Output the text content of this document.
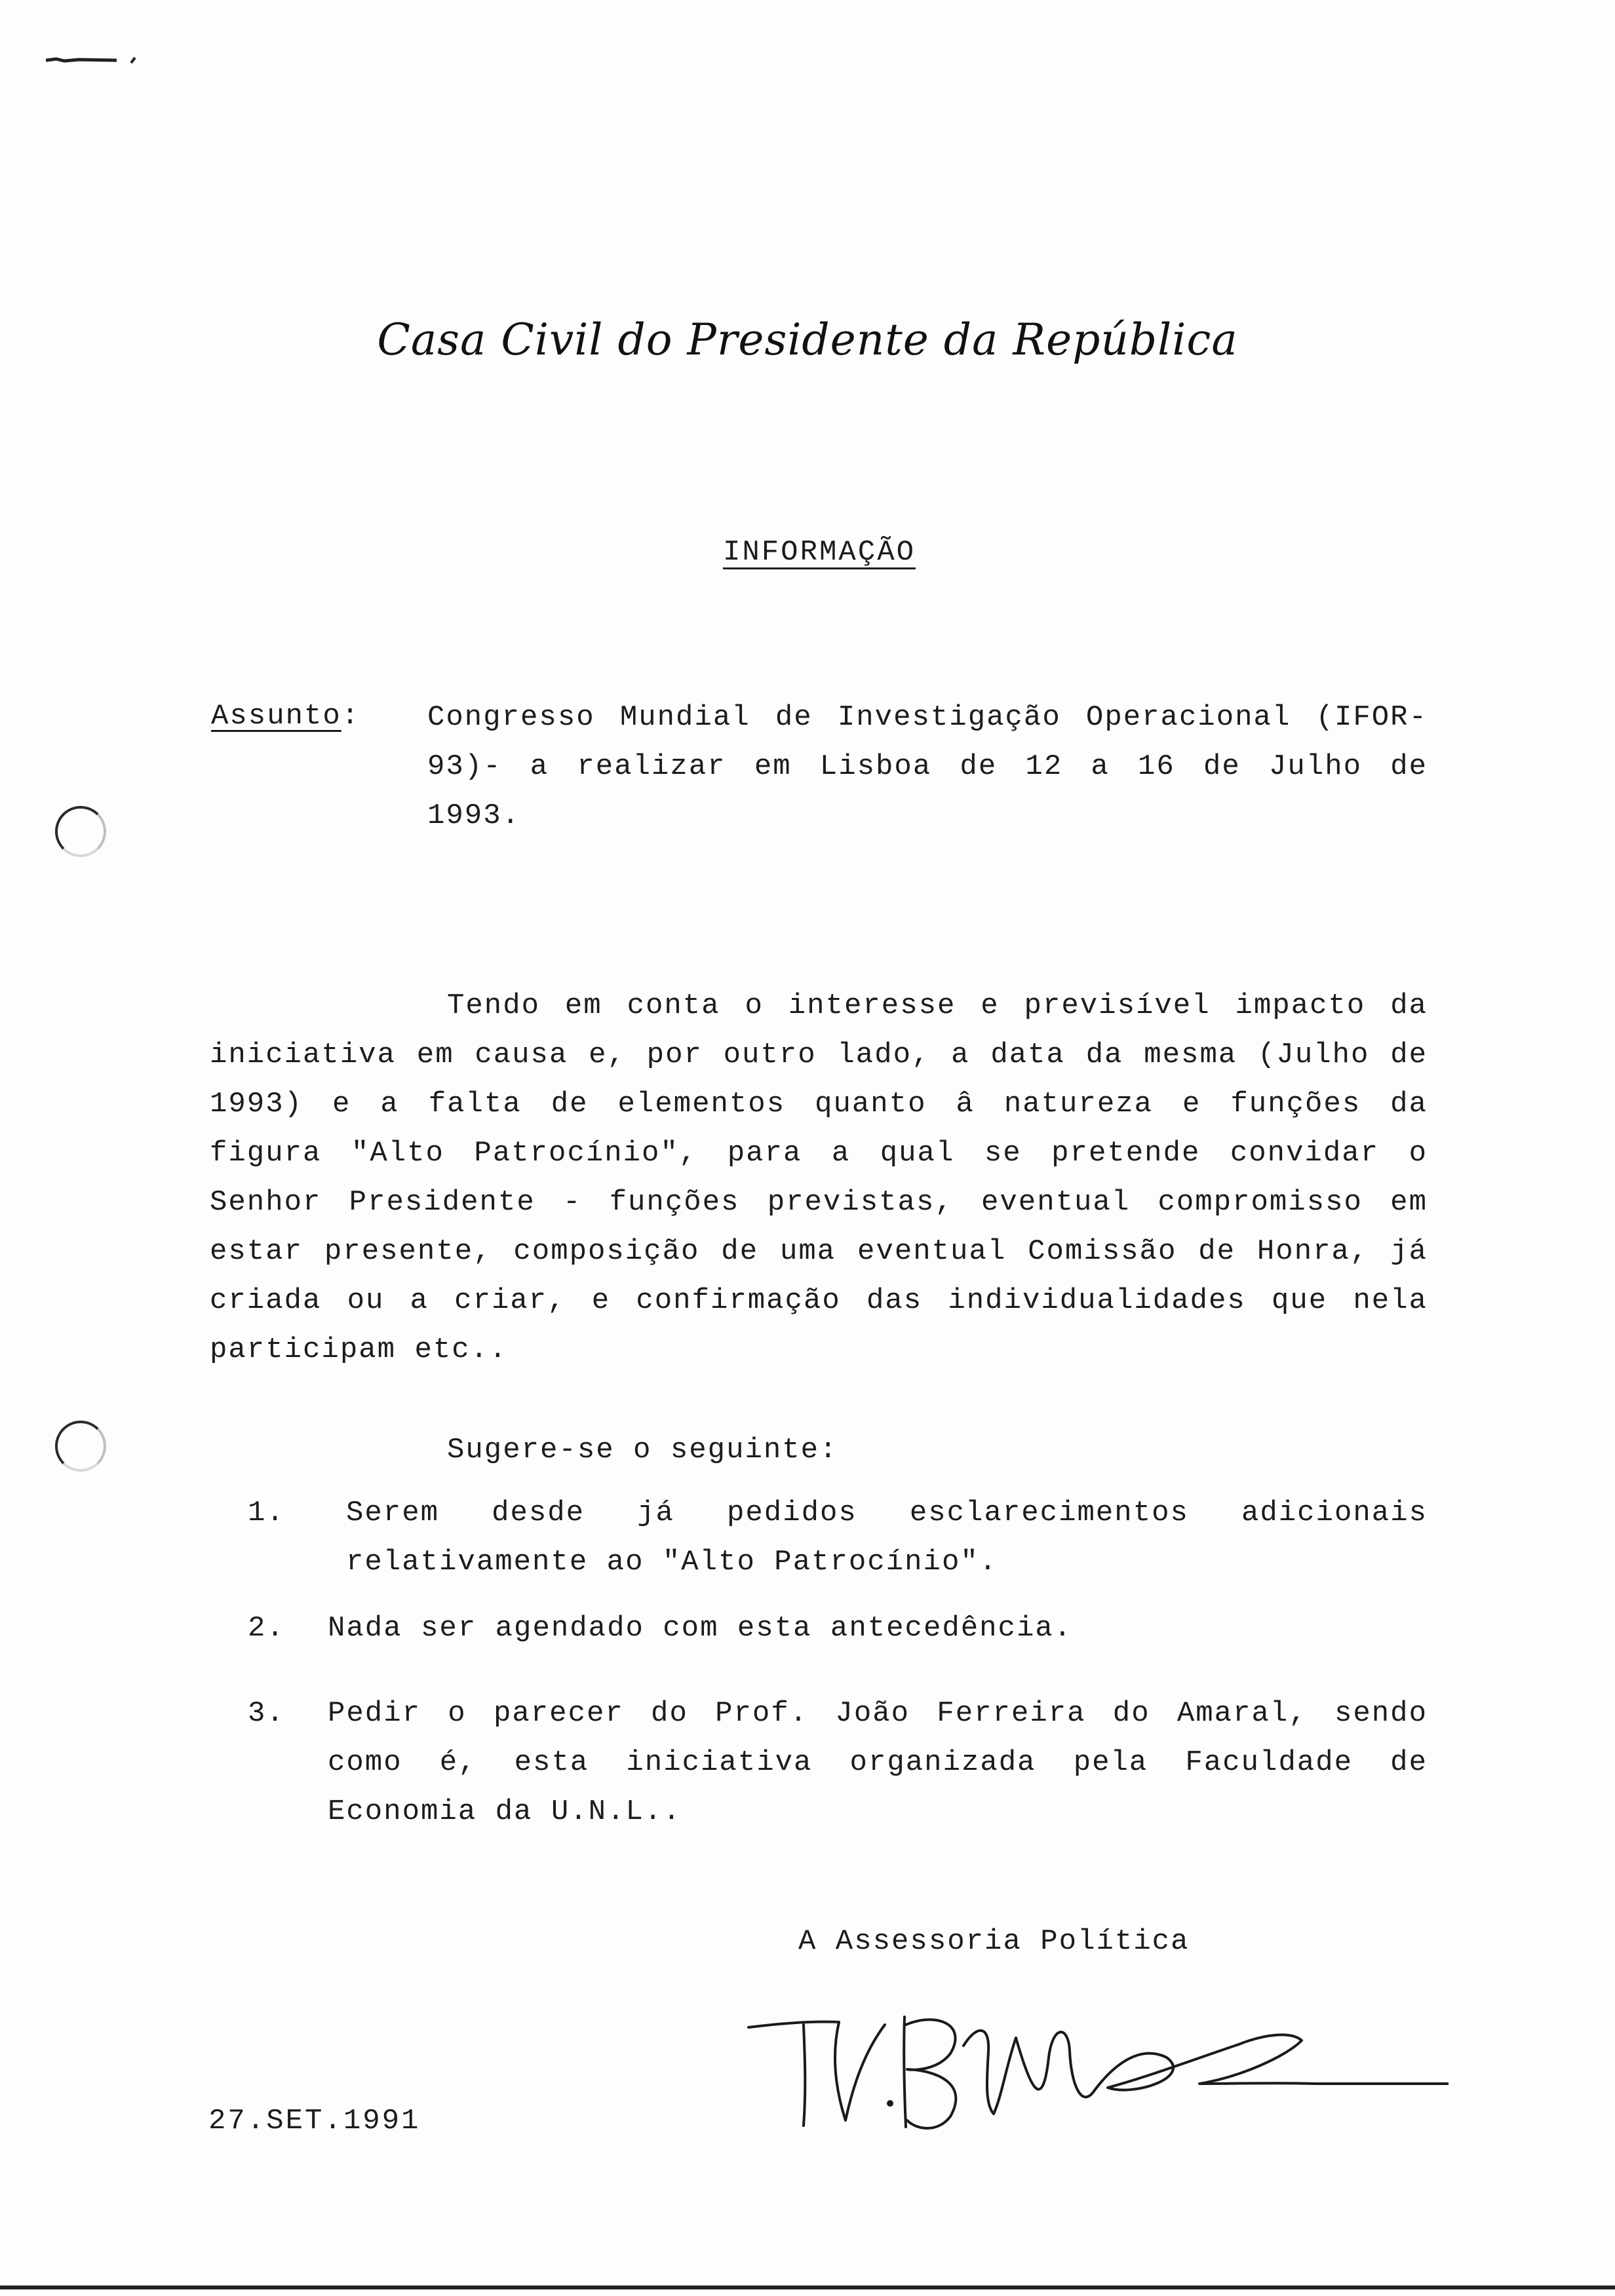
Casa Civil do Presidente da República
INFORMAÇÃO
Assunto: Congresso Mundial de Investigação Operacional (IFOR-93)- a realizar em Lisboa de 12 a 16 de Julho de 1993.
Tendo em conta o interesse e previsível impacto da iniciativa em causa e, por outro lado, a data da mesma (Julho de 1993) e a falta de elementos quanto â natureza e funções da figura "Alto Patrocínio", para a qual se pretende convidar o Senhor Presidente - funções previstas, eventual compromisso em estar presente, composição de uma eventual Comissão de Honra, já criada ou a criar, e confirmação das individualidades que nela participam etc..
Sugere-se o seguinte:
1. Serem desde já pedidos esclarecimentos adicionais relativamente ao "Alto Patrocínio".
2. Nada ser agendado com esta antecedência.
3. Pedir o parecer do Prof. João Ferreira do Amaral, sendo como é, esta iniciativa organizada pela Faculdade de Economia da U.N.L..
A Assessoria Política
27.SET.1991
